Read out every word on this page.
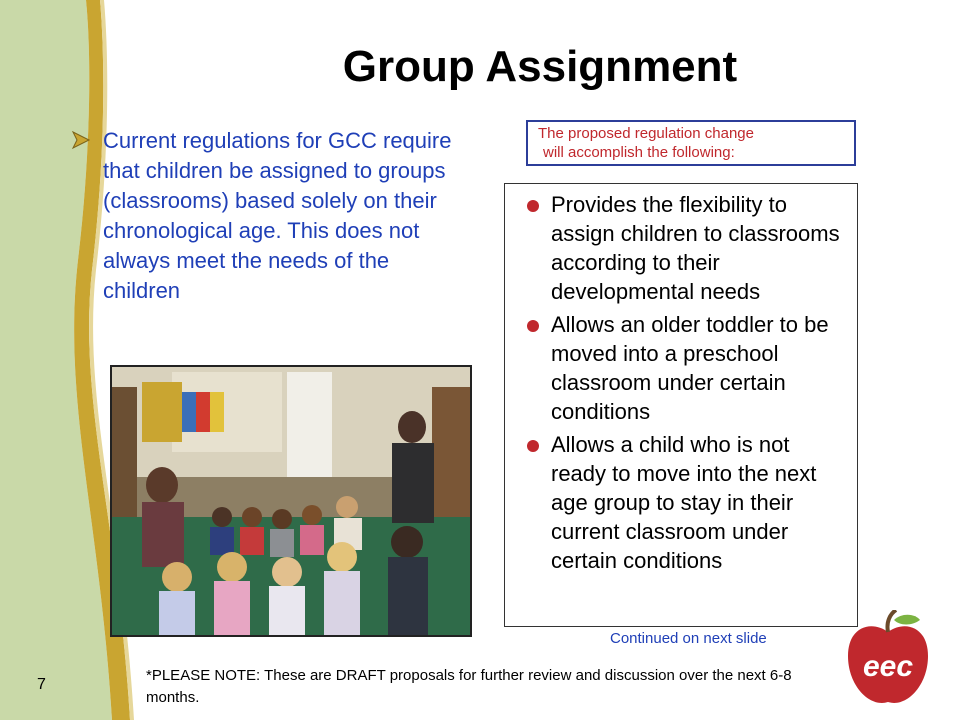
Group Assignment

Current regulations for GCC require that children be assigned to groups (classrooms) based solely on their chronological age. This does not always meet the needs of the children

The proposed regulation change
will accomplish the following:
Provides the flexibility to assign children to classrooms according to their developmental needs
Allows an older toddler to be moved into a preschool classroom under certain conditions
Allows a child who is not ready to move into the next age group to stay in their current classroom under certain conditions
Continued on next slide
*PLEASE NOTE: These are DRAFT proposals for further review and discussion over the next 6-8 months.
7
eec
